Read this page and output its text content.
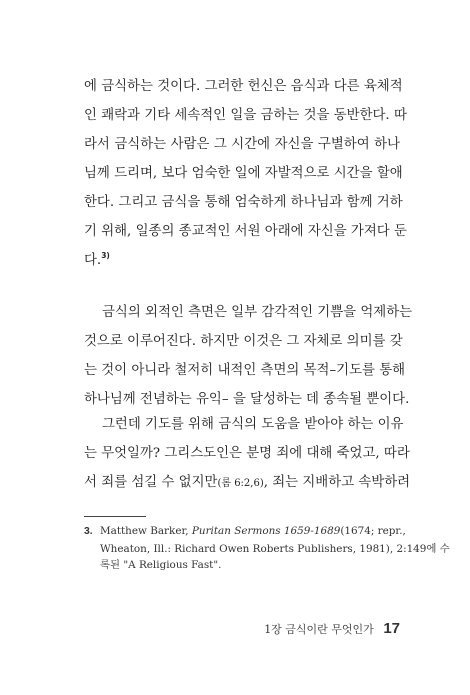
에 금식하는 것이다. 그러한 헌신은 음식과 다른 육체적
인 쾌락과 기타 세속적인 일을 금하는 것을 동반한다. 따
라서 금식하는 사람은 그 시간에 자신을 구별하여 하나
님께 드리며, 보다 엄숙한 일에 자발적으로 시간을 할애
한다. 그리고 금식을 통해 엄숙하게 하나님과 함께 거하
기 위해, 일종의 종교적인 서원 아래에 자신을 가져다 둔
다.$^{3)}$
금식의 외적인 측면은 일부 감각적인 기쁨을 억제하는
것으로 이루어진다. 하지만 이것은 그 자체로 의미를 갖
는 것이 아니라 철저히 내적인 측면의 목적–기도를 통해
하나님께 전념하는 유익– 을 달성하는 데 종속될 뿐이다.
그런데 기도를 위해 금식의 도움을 받아야 하는 이유
는 무엇일까? 그리스도인은 분명 죄에 대해 죽었고, 따라
서 죄를 섬길 수 없지만(롬 6:2,6), 죄는 지배하고 속박하려
3. Matthew Barker, Puritan Sermons 1659-1689(1674; repr.,
Wheaton, Ill.: Richard Owen Roberts Publishers, 1981), 2:149에 수
록된 "A Religious Fast".
1장 금식이란 무엇인가 17
